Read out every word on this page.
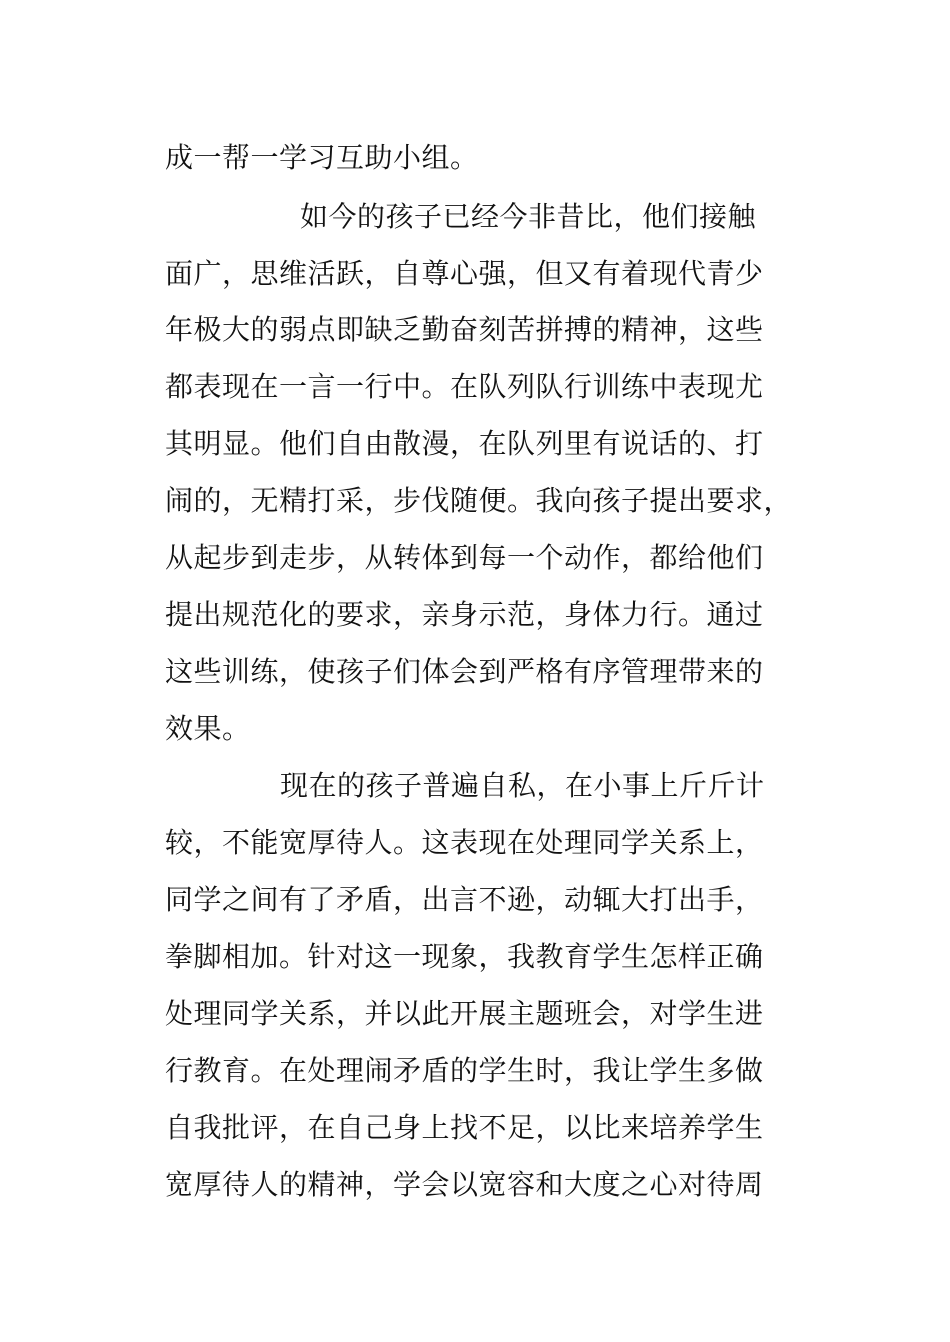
成一帮一学习互助小组。
如今的孩子已经今非昔比，他们接触
面广，思维活跃，自尊心强，但又有着现代青少
年极大的弱点即缺乏勤奋刻苦拼搏的精神，这些
都表现在一言一行中。在队列队行训练中表现尤
其明显。他们自由散漫，在队列里有说话的、打
闹的，无精打采，步伐随便。我向孩子提出要求，
从起步到走步，从转体到每一个动作，都给他们
提出规范化的要求，亲身示范，身体力行。通过
这些训练，使孩子们体会到严格有序管理带来的
效果。
现在的孩子普遍自私，在小事上斤斤计
较，不能宽厚待人。这表现在处理同学关系上，
同学之间有了矛盾，出言不逊，动辄大打出手，
拳脚相加。针对这一现象，我教育学生怎样正确
处理同学关系，并以此开展主题班会，对学生进
行教育。在处理闹矛盾的学生时，我让学生多做
自我批评，在自己身上找不足，以比来培养学生
宽厚待人的精神，学会以宽容和大度之心对待周
